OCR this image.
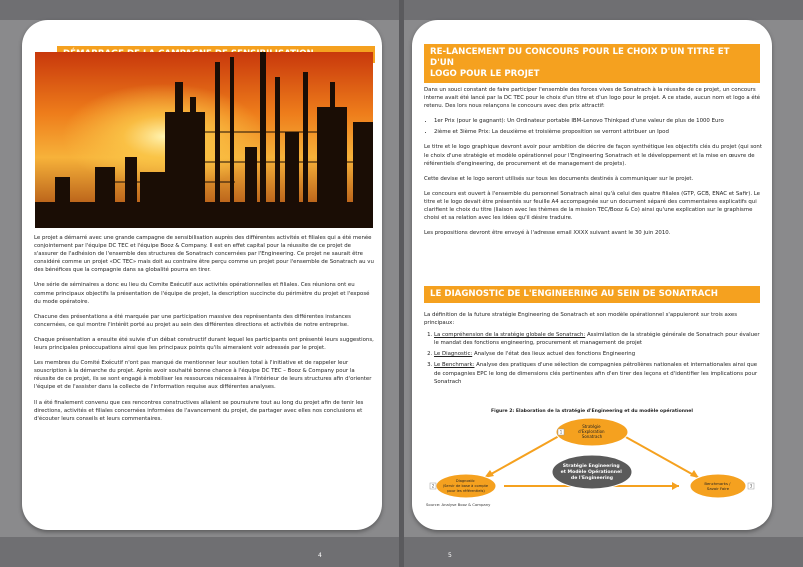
Le projet a démarré avec une grande campagne de sensibilisation auprès des différentes activités et filiales qui a été menée conjointement par l'équipe DC TEC et l'équipe Booz & Company. Il est en effet capital pour la réussite de ce projet de s'assurer de l'adhésion de l'ensemble des structures de Sonatrach concernées par l'Engineering. Ce projet ne saurait être considéré comme un projet «DC TEC» mais doit au contraire être perçu comme un projet pour l'ensemble de Sonatrach au vu des bénéfices que la compagnie dans sa globalité pourra en tirer.

Une série de séminaires a donc eu lieu du Comite Exécutif aux activités opérationnelles et filiales. Ces réunions ont eu comme principaux objectifs la présentation de l'équipe de projet, la description succincte du périmètre du projet et l'exposé du mode opératoire.

Chacune des présentations a été marquée par une participation massive des représentants des différentes instances concernées, ce qui montre l'intérêt porté au projet au sein des différentes directions et activités de notre entreprise.

Chaque présentation a ensuite été suivie d'un débat constructif durant lequel les participants ont présenté leurs suggestions, leurs principales préoccupations ainsi que les principaux points qu'ils aimeraient voir adressés par le projet.

Les membres du Comité Exécutif n'ont pas manqué de mentionner leur soutien total à l'initiative et de rappeler leur souscription à la démarche du projet. Après avoir souhaité bonne chance à l'équipe DC TEC – Booz & Company pour la réussite de ce projet, ils se sont engagé à mobiliser les ressources nécessaires à l'intérieur de leurs structures afin d'orienter l'équipe et de l'assister dans la collecte de l'information requise aux différentes analyses.

Il a été finalement convenu que ces rencontres constructives allaient se poursuivre tout au long du projet afin de tenir les directions, activités et filiales concernées informées de l'avancement du projet, de partager avec elles nos conclusions et d'écouter leurs conseils et leurs commentaires.

4
RE-LANCEMENT DU CONCOURS POUR LE CHOIX D'UN TITRE ET D'UN
LOGO POUR LE PROJET

Dans un souci constant de faire participer l'ensemble des forces vives de Sonatrach à la réussite de ce projet, un concours interne avait été lancé par la DC TEC pour le choix d'un titre et d'un logo pour le projet. A ce stade, aucun nom et logo a été retenu. Des lors nous relançons le concours avec des prix attractif:

• 1er Prix (pour le gagnant): Un Ordinateur portable IBM-Lenovo Thinkpad d'une valeur de plus de 1000 Euro
• 2ième et 3ième Prix: La deuxième et troisième proposition se verront attribuer un Ipod

Le titre et le logo graphique devront avoir pour ambition de décrire de façon synthétique les objectifs clés du projet (qui sont le choix d'une stratégie et modèle opérationnel pour l'Engineering Sonatrach et le développement et la mise en œuvre de référentiels d'engineering, de procurement et de management de projets).

Cette devise et le logo seront utilisés sur tous les documents destinés à communiquer sur le projet.

Le concours est ouvert à l'ensemble du personnel Sonatrach ainsi qu'à celui des quatre filiales (GTP, GCB, ENAC et Safir). Le titre et le logo devait être présentés sur feuille A4 accompagnée sur un document séparé des commentaires explicatifs qui clarifient le choix du titre (liaison avec les thèmes de la mission TEC/Booz & Co) ainsi qu'une explication sur le graphisme choisi et sa relation avec les idées qu'il désire traduire.

Les propositions devront être envoyé à l'adresse email XXXX suivant avant le 30 juin 2010.

LE DIAGNOSTIC DE L'ENGINEERING AU SEIN DE SONATRACH

La définition de la future stratégie Engineering de Sonatrach et son modèle opérationnel s'appuieront sur trois axes principaux:

1. La compréhension de la stratégie globale de Sonatrach: Assimilation de la stratégie générale de Sonatrach pour évaluer le mandat des fonctions engineering, procurement et management de projet
2. Le Diagnostic: Analyse de l'état des lieux actuel des fonctions Engineering
3. Le Benchmark: Analyse des pratiques d'une sélection de compagnies pétrolières nationales et internationales ainsi que de compagnies EPC le long de dimensions clés pertinentes afin d'en tirer des leçons et d'identifier les implications pour Sonatrach
Figure 2: Elaboration de la stratégie d'Engineering et du modèle opérationnel
Stratégie d'Exploration Sonatrach
Stratégie Engineering et Modèle Opérationnel de l'Engineering
Diagnostic (Servir de base à compte pour les référentiels)
Benchmarks / Savoir Faire
1
2	3
Source: Analyse Booz & Company
5
